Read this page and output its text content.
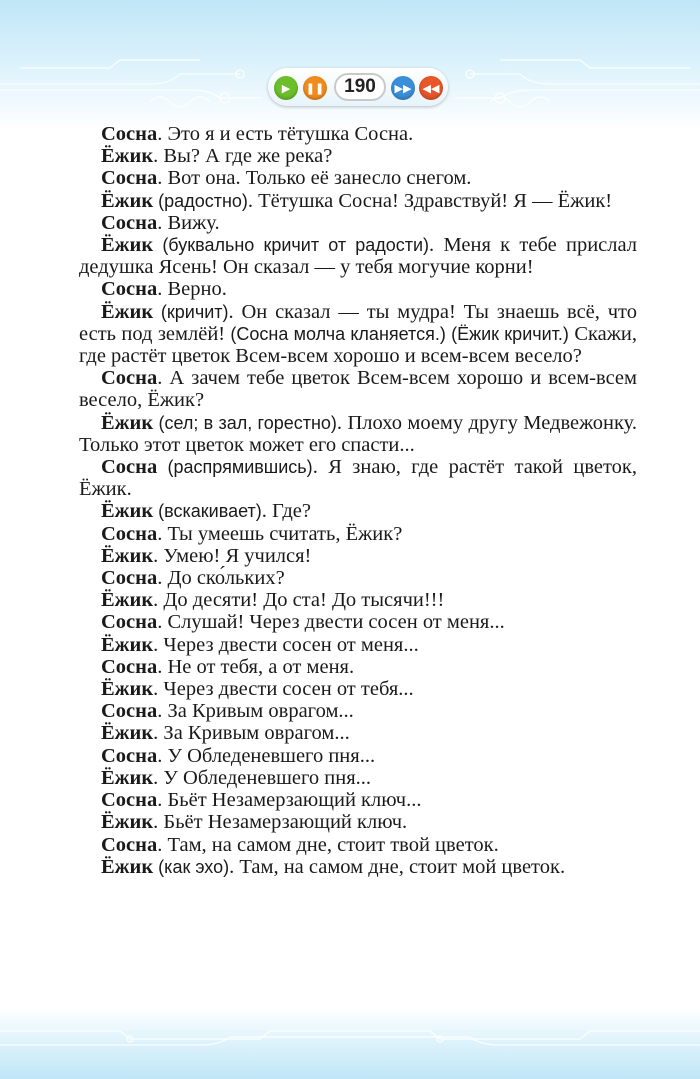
▶	❚❚	190	▶▶	◀◀

Сосна. Это я и есть тётушка Сосна.

Ёжик. Вы? А где же река?

Сосна. Вот она. Только её занесло снегом.

Ёжик (радостно). Тётушка Сосна! Здравствуй! Я — Ёжик!

Сосна. Вижу.

Ёжик (буквально кричит от радости). Меня к тебе прислал дедушка Ясень! Он сказал — у тебя могучие корни!

Сосна. Верно.

Ёжик (кричит). Он сказал — ты мудра! Ты знаешь всё, что есть под землёй! (Сосна молча кланяется.) (Ёжик кричит.) Скажи, где растёт цветок Всем-всем хорошо и всем-всем весело?

Сосна. А зачем тебе цветок Всем-всем хорошо и всем-всем весело, Ёжик?

Ёжик (сел; в зал, горестно). Плохо моему другу Медвежонку. Только этот цветок может его спасти...

Сосна (распрямившись). Я знаю, где растёт такой цветок, Ёжик.

Ёжик (вскакивает). Где?

Сосна. Ты умеешь считать, Ёжик?

Ёжик. Умею! Я учился!

Сосна. До ско́льких?

Ёжик. До десяти! До ста! До тысячи!!!

Сосна. Слушай! Через двести сосен от меня...

Ёжик. Через двести сосен от меня...

Сосна. Не от тебя, а от меня.

Ёжик. Через двести сосен от тебя...

Сосна. За Кривым оврагом...

Ёжик. За Кривым оврагом...

Сосна. У Обледеневшего пня...

Ёжик. У Обледеневшего пня...

Сосна. Бьёт Незамерзающий ключ...

Ёжик. Бьёт Незамерзающий ключ.

Сосна. Там, на самом дне, стоит твой цветок.

Ёжик (как эхо). Там, на самом дне, стоит мой цветок.
